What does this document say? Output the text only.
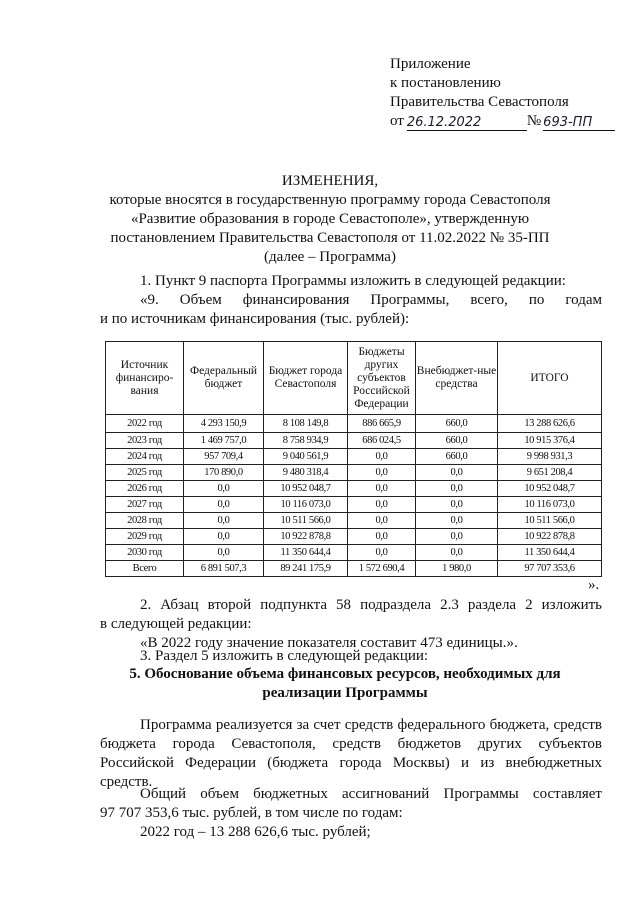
Приложение
к постановлению
Правительства Севастополя
от 26.12.2022	№ 693-ПП
ИЗМЕНЕНИЯ,
которые вносятся в государственную программу города Севастополя
«Развитие образования в городе Севастополе», утвержденную
постановлением Правительства Севастополя от 11.02.2022 № 35-ПП
(далее – Программа)
1. Пункт 9 паспорта Программы изложить в следующей редакции:
«9. Объем финансирования Программы, всего, по годам
и по источникам финансирования (тыс. рублей):
Источник финансиро-вания	Федеральный бюджет	Бюджет города Севастополя	Бюджеты других субъектов Российской Федерации	Внебюджет-ные средства	ИТОГО
2022 год	4 293 150,9	8 108 149,8	886 665,9	660,0	13 288 626,6
2023 год	1 469 757,0	8 758 934,9	686 024,5	660,0	10 915 376,4
2024 год	957 709,4	9 040 561,9	0,0	660,0	9 998 931,3
2025 год	170 890,0	9 480 318,4	0,0	0,0	9 651 208,4
2026 год	0,0	10 952 048,7	0,0	0,0	10 952 048,7
2027 год	0,0	10 116 073,0	0,0	0,0	10 116 073,0
2028 год	0,0	10 511 566,0	0,0	0,0	10 511 566,0
2029 год	0,0	10 922 878,8	0,0	0,0	10 922 878,8
2030 год	0,0	11 350 644,4	0,0	0,0	11 350 644,4
Всего	6 891 507,3	89 241 175,9	1 572 690,4	1 980,0	97 707 353,6
».
2. Абзац второй подпункта 58 подраздела 2.3 раздела 2 изложить
в следующей редакции:
«В 2022 году значение показателя составит 473 единицы.».
3. Раздел 5 изложить в следующей редакции:
5. Обоснование объема финансовых ресурсов, необходимых для
реализации Программы
Программа реализуется за счет средств федерального бюджета, средств
бюджета города Севастополя, средств бюджетов других субъектов
Российской Федерации (бюджета города Москвы) и из внебюджетных
средств.
Общий объем бюджетных ассигнований Программы составляет
97 707 353,6 тыс. рублей, в том числе по годам:
2022 год – 13 288 626,6 тыс. рублей;
